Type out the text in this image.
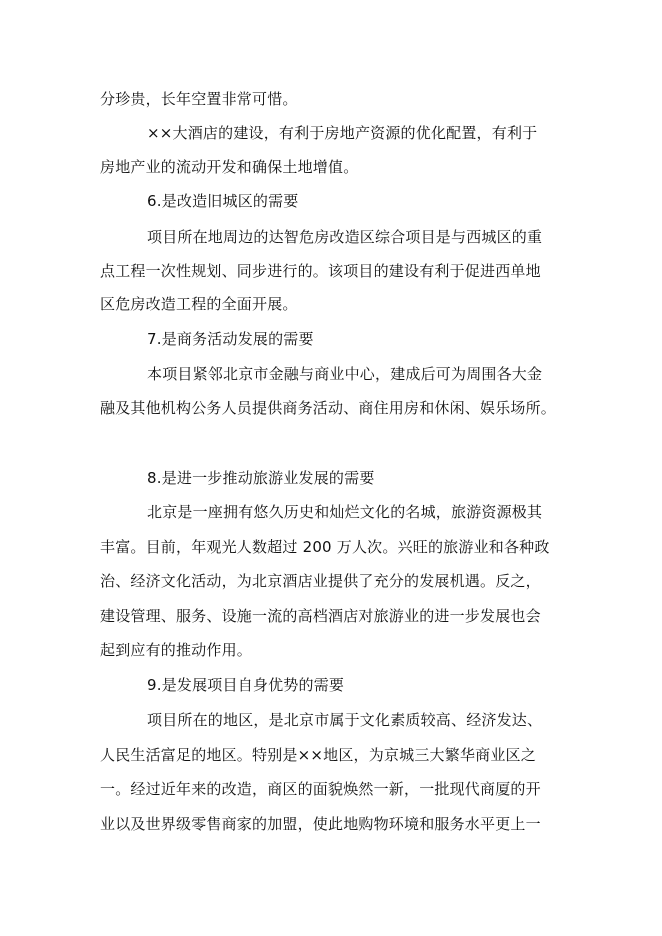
分珍贵，长年空置非常可惜。
××大酒店的建设，有利于房地产资源的优化配置，有利于
房地产业的流动开发和确保土地增值。
6.是改造旧城区的需要
项目所在地周边的达智危房改造区综合项目是与西城区的重
点工程一次性规划、同步进行的。该项目的建设有利于促进西单地
区危房改造工程的全面开展。
7.是商务活动发展的需要
本项目紧邻北京市金融与商业中心，建成后可为周围各大金
融及其他机构公务人员提供商务活动、商住用房和休闲、娱乐场所。
8.是进一步推动旅游业发展的需要
北京是一座拥有悠久历史和灿烂文化的名城，旅游资源极其
丰富。目前，年观光人数超过 200 万人次。兴旺的旅游业和各种政
治、经济文化活动，为北京酒店业提供了充分的发展机遇。反之，
建设管理、服务、设施一流的高档酒店对旅游业的进一步发展也会
起到应有的推动作用。
9.是发展项目自身优势的需要
项目所在的地区，是北京市属于文化素质较高、经济发达、
人民生活富足的地区。特别是××地区，为京城三大繁华商业区之
一。经过近年来的改造，商区的面貌焕然一新，一批现代商厦的开
业以及世界级零售商家的加盟，使此地购物环境和服务水平更上一
